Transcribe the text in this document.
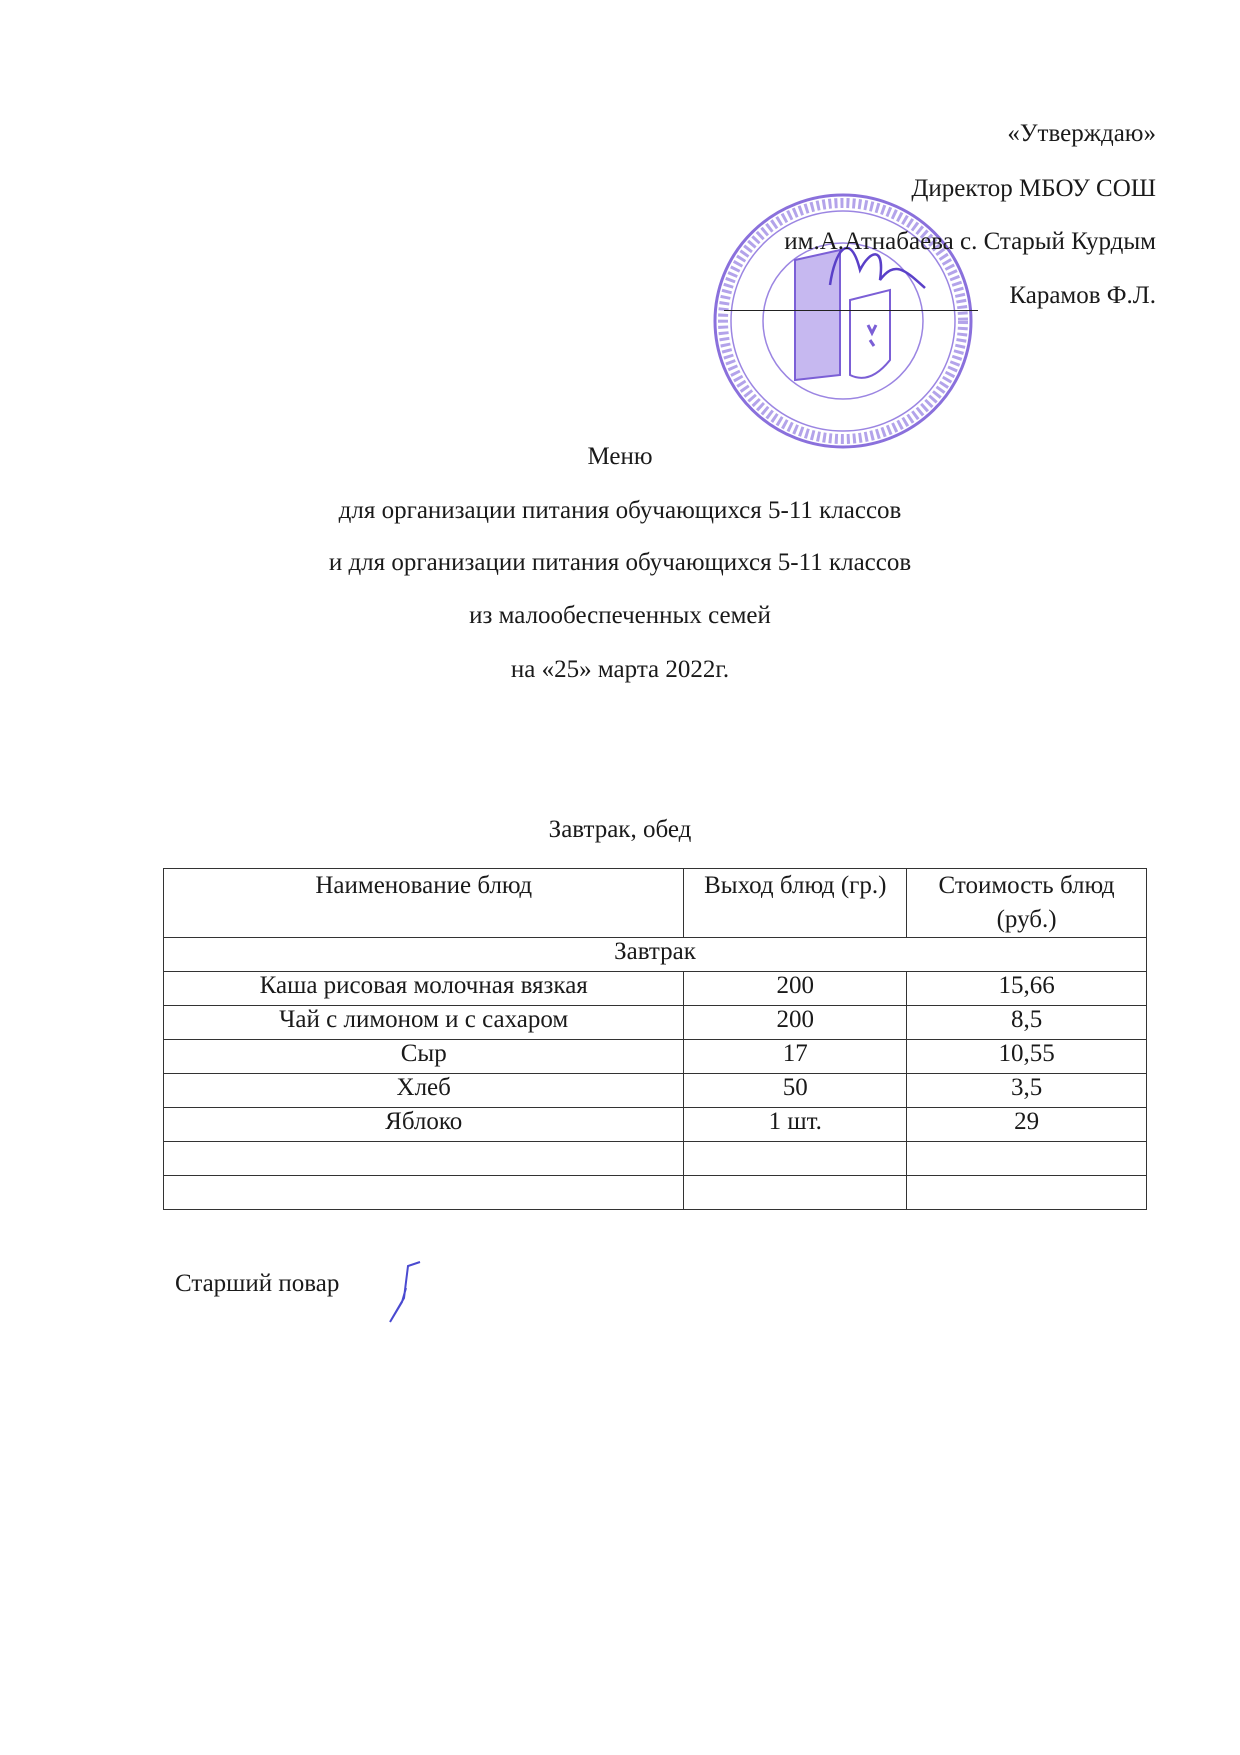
«Утверждаю»
Директор МБОУ СОШ
им.А.Атнабаева с. Старый Курдым
Карамов Ф.Л.
Меню
для организации питания обучающихся 5-11 классов
и для организации питания обучающихся 5-11 классов
из малообеспеченных семей
на «25» марта 2022г.
Завтрак, обед
Наименование блюд	Выход блюд (гр.)	Стоимость блюд (руб.)
Завтрак		
Каша рисовая молочная вязкая	200	15,66
Чай с лимоном и с сахаром	200	8,5
Сыр	17	10,55
Хлеб	50	3,5
Яблоко	1 шт.	29

Старший повар
